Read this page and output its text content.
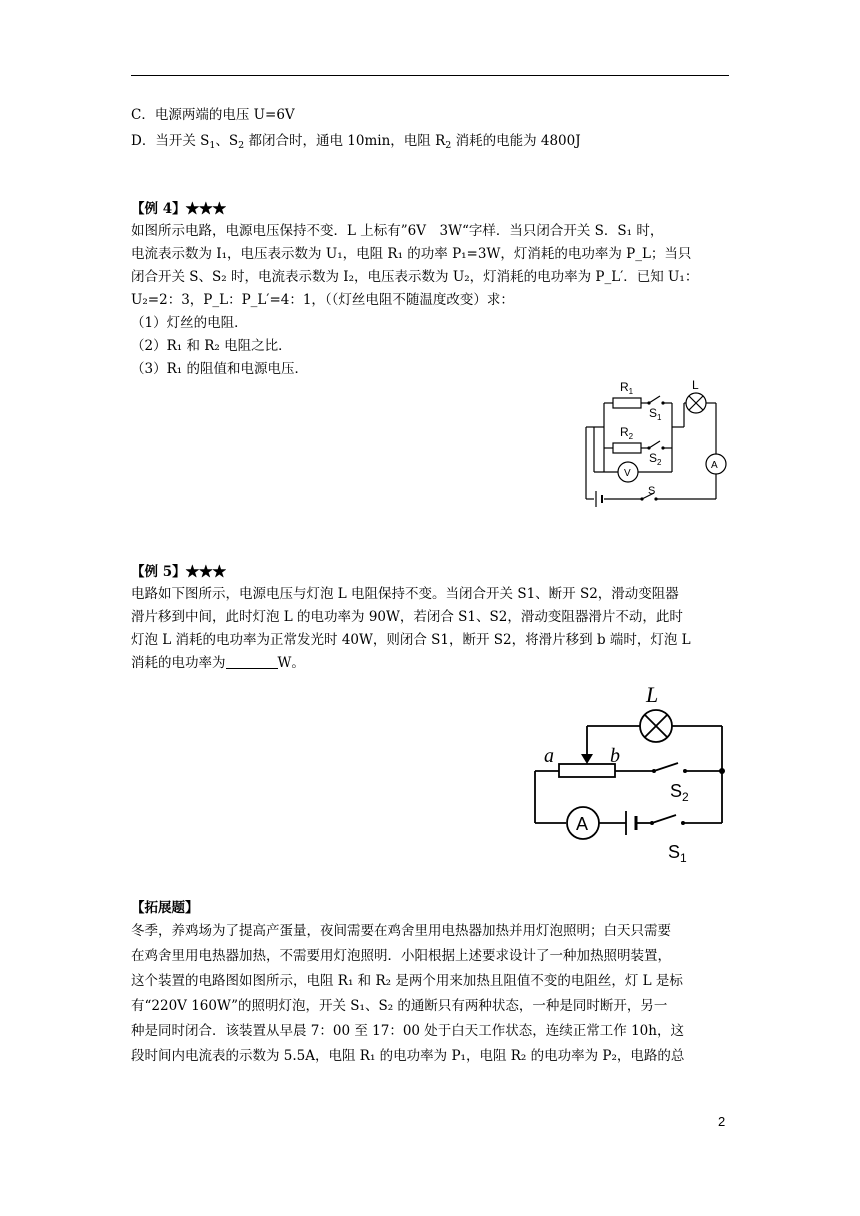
C．电源两端的电压 U=6V
D．当开关 $S_1$、$S_2$ 都闭合时，通电 10min，电阻 $R_2$ 消耗的电能为 4800J
【例 4】★★★
如图所示电路，电源电压保持不变．L 上标有”6V　3W“字样．当只闭合开关 S．S₁ 时，
电流表示数为 I₁，电压表示数为 U₁，电阻 R₁ 的功率 P₁=3W，灯消耗的电功率为 P_L；当只
闭合开关 S、S₂ 时，电流表示数为 I₂，电压表示数为 U₂，灯消耗的电功率为 P_L′．已知 U₁：
U₂=2：3，P_L：P_L′=4：1，（（灯丝电阻不随温度改变）求：
（1）灯丝的电阻．
（2）R₁ 和 R₂ 电阻之比．
（3）R₁ 的阻值和电源电压．
$R_1$
$S_1$
$R_2$
$S_2$
L
A
V
S
【例 5】★★★
电路如下图所示，电源电压与灯泡 L 电阻保持不变。当闭合开关 S1、断开 S2，滑动变阻器
滑片移到中间，此时灯泡 L 的电功率为 90W，若闭合 S1、S2，滑动变阻器滑片不动，此时
灯泡 L 消耗的电功率为正常发光时 40W，则闭合 S1，断开 S2，将滑片移到 b 端时，灯泡 L
消耗的电功率为	W。
L
a	b
$S_2$
$S_1$
A
【拓展题】
冬季，养鸡场为了提高产蛋量，夜间需要在鸡舍里用电热器加热并用灯泡照明；白天只需要
在鸡舍里用电热器加热，不需要用灯泡照明．小阳根据上述要求设计了一种加热照明装置，
这个装置的电路图如图所示，电阻 R₁ 和 R₂ 是两个用来加热且阻值不变的电阻丝，灯 L 是标
有“220V 160W”的照明灯泡，开关 S₁、S₂ 的通断只有两种状态，一种是同时断开，另一
种是同时闭合．该装置从早晨 7：00 至 17：00 处于白天工作状态，连续正常工作 10h，这
段时间内电流表的示数为 5.5A，电阻 R₁ 的电功率为 P₁，电阻 R₂ 的电功率为 P₂，电路的总
2
